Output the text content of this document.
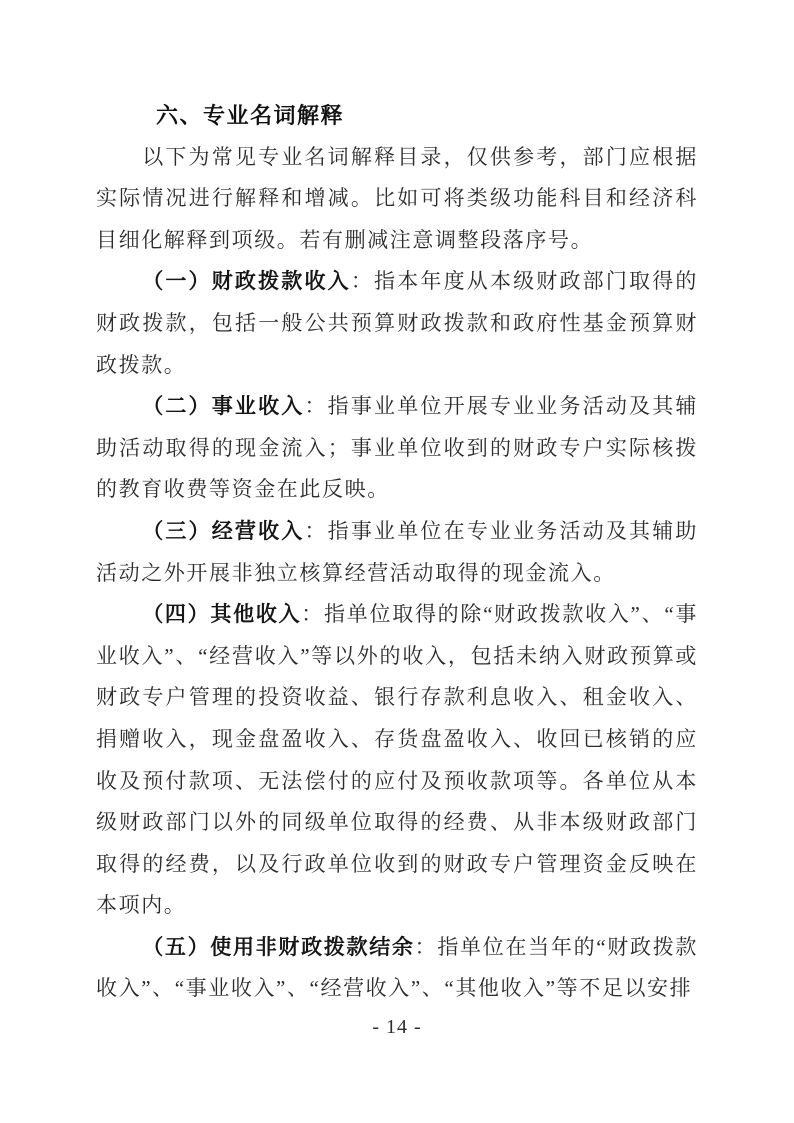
六、专业名词解释

以下为常见专业名词解释目录，仅供参考，部门应根据实际情况进行解释和增减。比如可将类级功能科目和经济科目细化解释到项级。若有删减注意调整段落序号。

（一）财政拨款收入：指本年度从本级财政部门取得的财政拨款，包括一般公共预算财政拨款和政府性基金预算财政拨款。

（二）事业收入：指事业单位开展专业业务活动及其辅助活动取得的现金流入；事业单位收到的财政专户实际核拨的教育收费等资金在此反映。

（三）经营收入：指事业单位在专业业务活动及其辅助活动之外开展非独立核算经营活动取得的现金流入。

（四）其他收入：指单位取得的除“财政拨款收入”、“事业收入”、“经营收入”等以外的收入，包括未纳入财政预算或财政专户管理的投资收益、银行存款利息收入、租金收入、捐赠收入，现金盘盈收入、存货盘盈收入、收回已核销的应收及预付款项、无法偿付的应付及预收款项等。各单位从本级财政部门以外的同级单位取得的经费、从非本级财政部门取得的经费，以及行政单位收到的财政专户管理资金反映在本项内。

（五）使用非财政拨款结余：指单位在当年的“财政拨款收入”、“事业收入”、“经营收入”、“其他收入”等不足以安排

- 14 -
